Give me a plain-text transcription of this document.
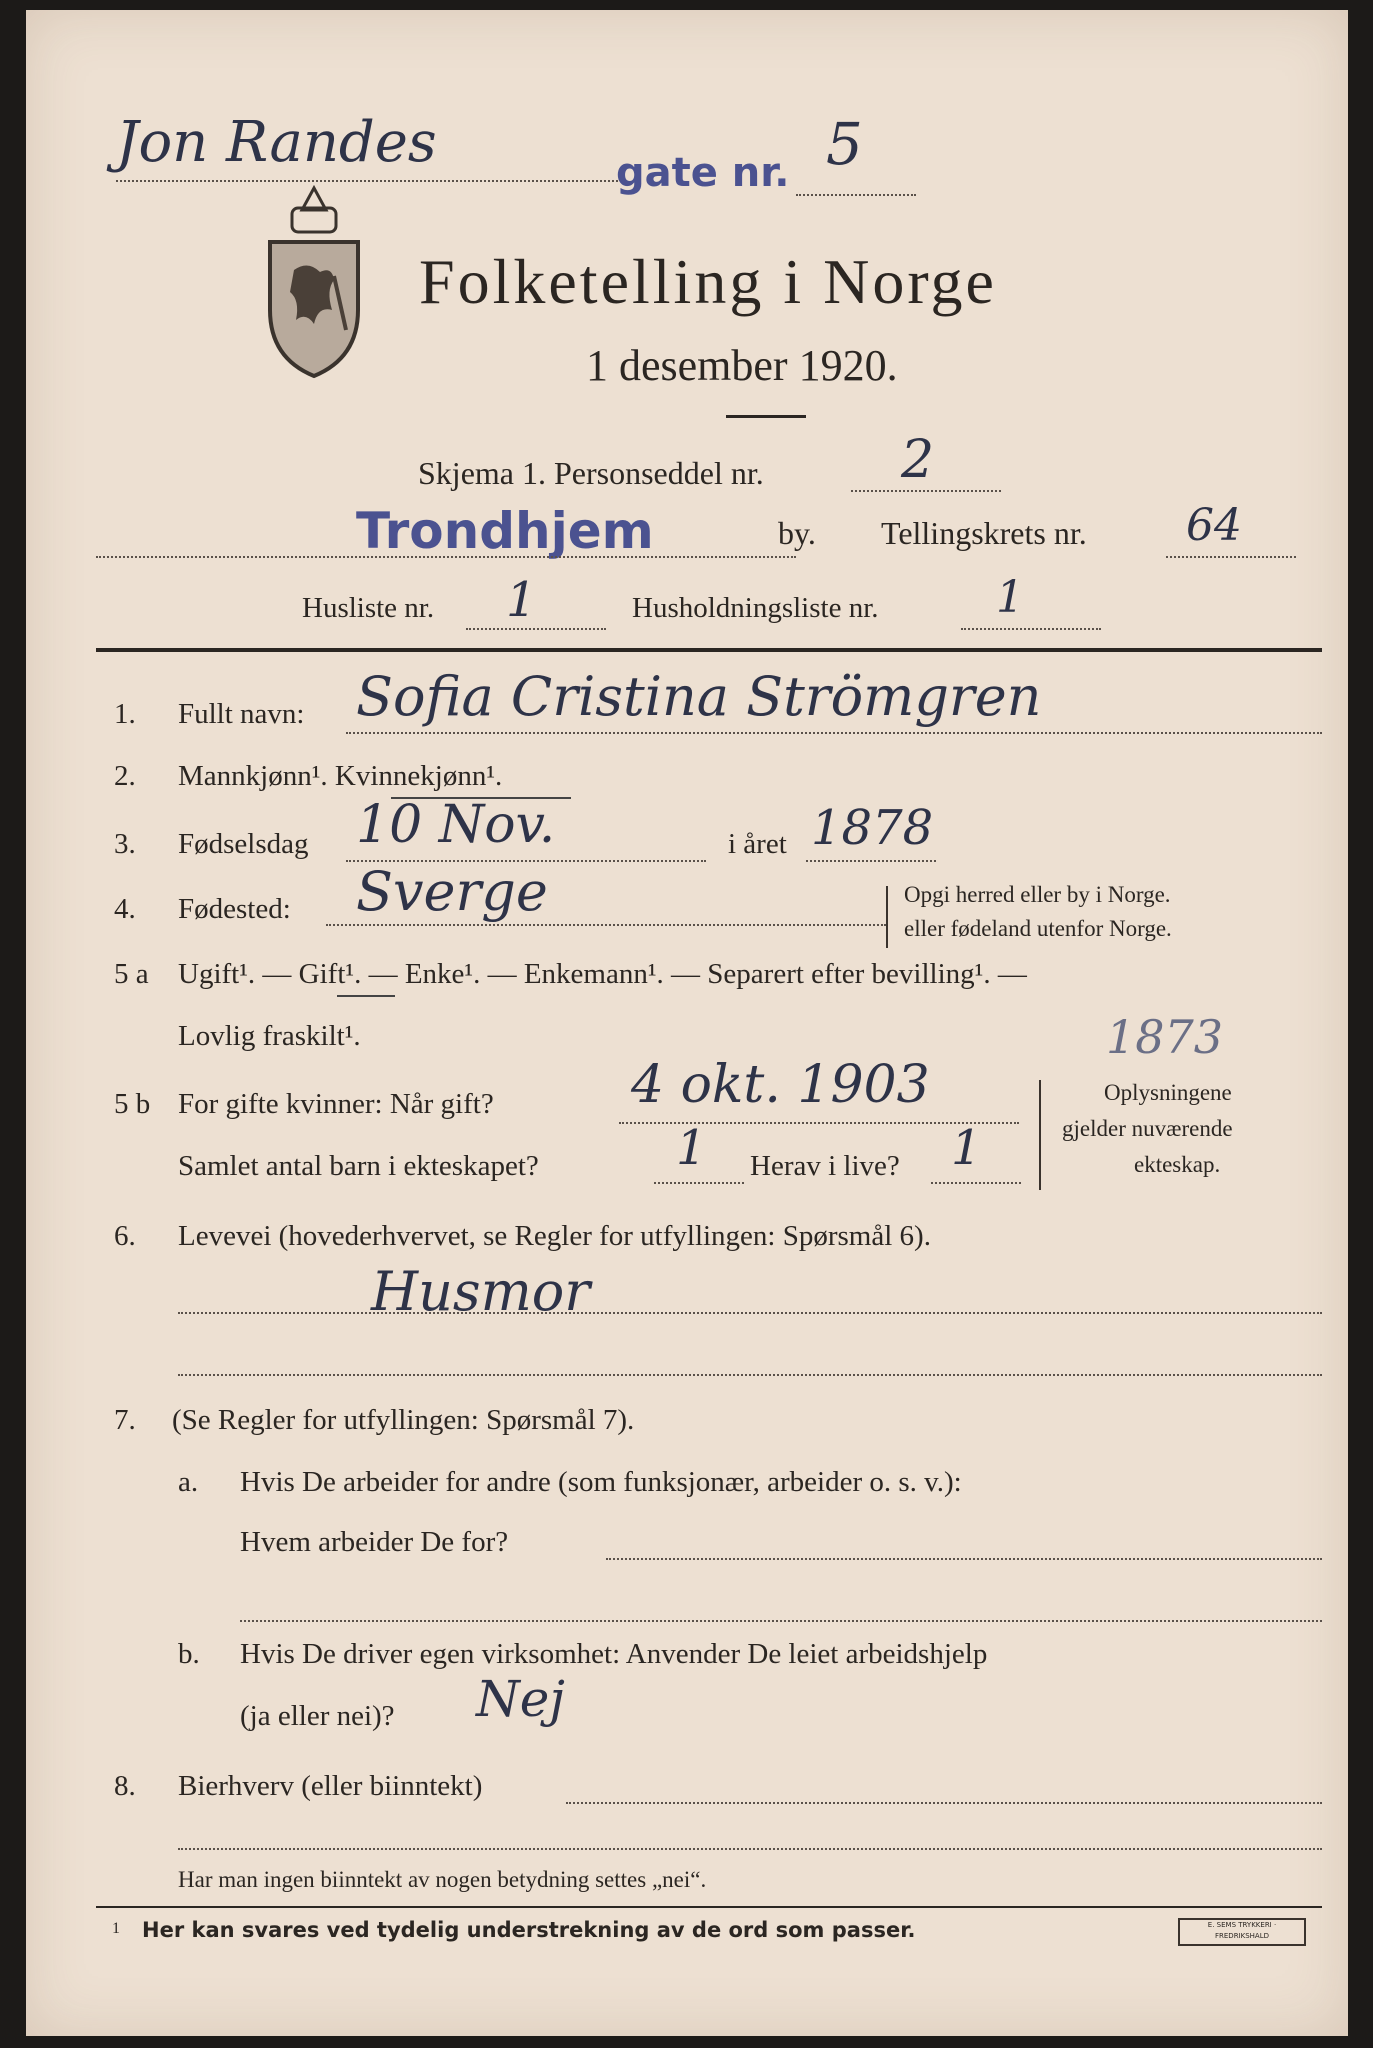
Jon Randes	gate nr. 5
Folketelling i Norge
1 desember 1920.
Skjema 1. Personseddel nr.	2
Trondhjem	by. Tellingskrets nr. 64
Husliste nr. 1	Husholdningsliste nr.	1
1. Fullt navn: Sofia Cristina Strömgren
2. Mannkjønn¹. Kvinnekjønn¹.
3. Fødselsdag 10 Nov.	i året 1878
4. Fødested: Sverge	Opgi herred eller by i Norge.
eller fødeland utenfor Norge.
5 a Ugift¹. — Gift¹. — Enke¹. — Enkemann¹. — Separert efter bevilling¹. —
Lovlig fraskilt¹.	1873
5 b For gifte kvinner: Når gift?	4 okt. 1903
Samlet antal barn i ekteskapet?	1 Herav i live? 1
Oplysningene
gjelder nuværende
ekteskap.
6. Levevei (hovederhvervet, se Regler for utfyllingen: Spørsmål 6).
Husmor
7. (Se Regler for utfyllingen: Spørsmål 7).
a. Hvis De arbeider for andre (som funksjonær, arbeider o. s. v.):
Hvem arbeider De for?
b. Hvis De driver egen virksomhet: Anvender De leiet arbeidshjelp
(ja eller nei)? Nej
8. Bierhverv (eller biinntekt)
Har man ingen biinntekt av nogen betydning settes „nei“.
1 Her kan svares ved tydelig understrekning av de ord som passer.	E. SEMS TRYKKERI · FREDRIKSHALD
